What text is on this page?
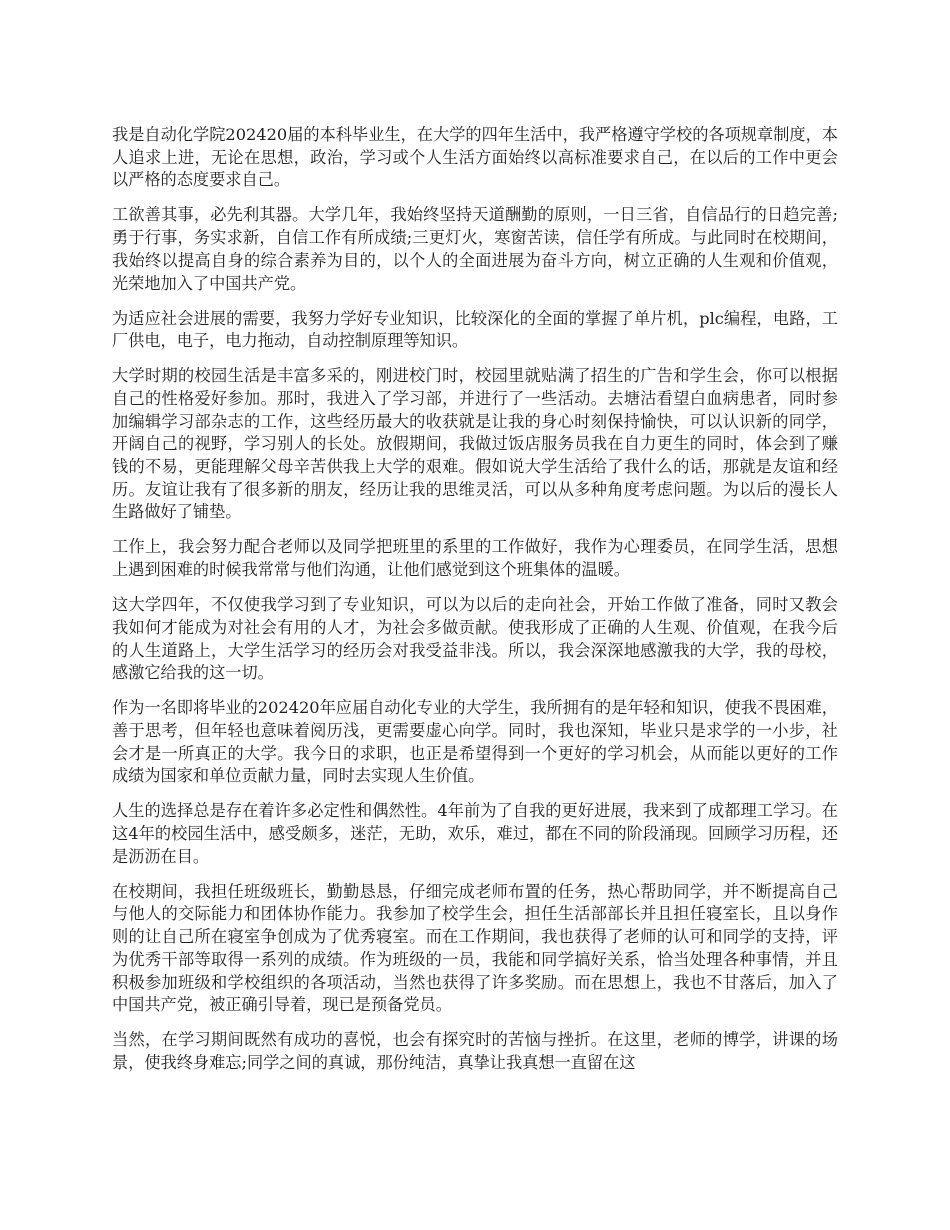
我是自动化学院202420届的本科毕业生，在大学的四年生活中，我严格遵守学校的各项规章制度，本人追求上进，无论在思想，政治，学习或个人生活方面始终以高标准要求自己，在以后的工作中更会以严格的态度要求自己。

工欲善其事，必先利其器。大学几年，我始终坚持天道酬勤的原则，一日三省，自信品行的日趋完善;勇于行事，务实求新，自信工作有所成绩;三更灯火，寒窗苦读，信任学有所成。与此同时在校期间，我始终以提高自身的综合素养为目的，以个人的全面进展为奋斗方向，树立正确的人生观和价值观，光荣地加入了中国共产党。

为适应社会进展的需要，我努力学好专业知识，比较深化的全面的掌握了单片机，plc编程，电路，工厂供电，电子，电力拖动，自动控制原理等知识。

大学时期的校园生活是丰富多采的，刚进校门时，校园里就贴满了招生的广告和学生会，你可以根据自己的性格爱好参加。那时，我进入了学习部，并进行了一些活动。去塘沽看望白血病患者，同时参加编辑学习部杂志的工作，这些经历最大的收获就是让我的身心时刻保持愉快，可以认识新的同学，开阔自己的视野，学习别人的长处。放假期间，我做过饭店服务员我在自力更生的同时，体会到了赚钱的不易，更能理解父母辛苦供我上大学的艰难。假如说大学生活给了我什么的话，那就是友谊和经历。友谊让我有了很多新的朋友，经历让我的思维灵活，可以从多种角度考虑问题。为以后的漫长人生路做好了铺垫。

工作上，我会努力配合老师以及同学把班里的系里的工作做好，我作为心理委员，在同学生活，思想上遇到困难的时候我常常与他们沟通，让他们感觉到这个班集体的温暖。

这大学四年，不仅使我学习到了专业知识，可以为以后的走向社会，开始工作做了准备，同时又教会我如何才能成为对社会有用的人才，为社会多做贡献。使我形成了正确的人生观、价值观，在我今后的人生道路上，大学生活学习的经历会对我受益非浅。所以，我会深深地感激我的大学，我的母校，感激它给我的这一切。

作为一名即将毕业的202420年应届自动化专业的大学生，我所拥有的是年轻和知识，使我不畏困难，善于思考，但年轻也意味着阅历浅，更需要虚心向学。同时，我也深知，毕业只是求学的一小步，社会才是一所真正的大学。我今日的求职，也正是希望得到一个更好的学习机会，从而能以更好的工作成绩为国家和单位贡献力量，同时去实现人生价值。

人生的选择总是存在着许多必定性和偶然性。4年前为了自我的更好进展，我来到了成都理工学习。在这4年的校园生活中，感受颇多，迷茫，无助，欢乐，难过，都在不同的阶段涌现。回顾学习历程，还是沥沥在目。

在校期间，我担任班级班长，勤勤恳恳，仔细完成老师布置的任务，热心帮助同学，并不断提高自己与他人的交际能力和团体协作能力。我参加了校学生会，担任生活部部长并且担任寝室长，且以身作则的让自己所在寝室争创成为了优秀寝室。而在工作期间，我也获得了老师的认可和同学的支持，评为优秀干部等取得一系列的成绩。作为班级的一员，我能和同学搞好关系，恰当处理各种事情，并且积极参加班级和学校组织的各项活动，当然也获得了许多奖励。而在思想上，我也不甘落后，加入了中国共产党，被正确引导着，现已是预备党员。

当然，在学习期间既然有成功的喜悦，也会有探究时的苦恼与挫折。在这里，老师的博学，讲课的场景，使我终身难忘;同学之间的真诚，那份纯洁，真挚让我真想一直留在这
